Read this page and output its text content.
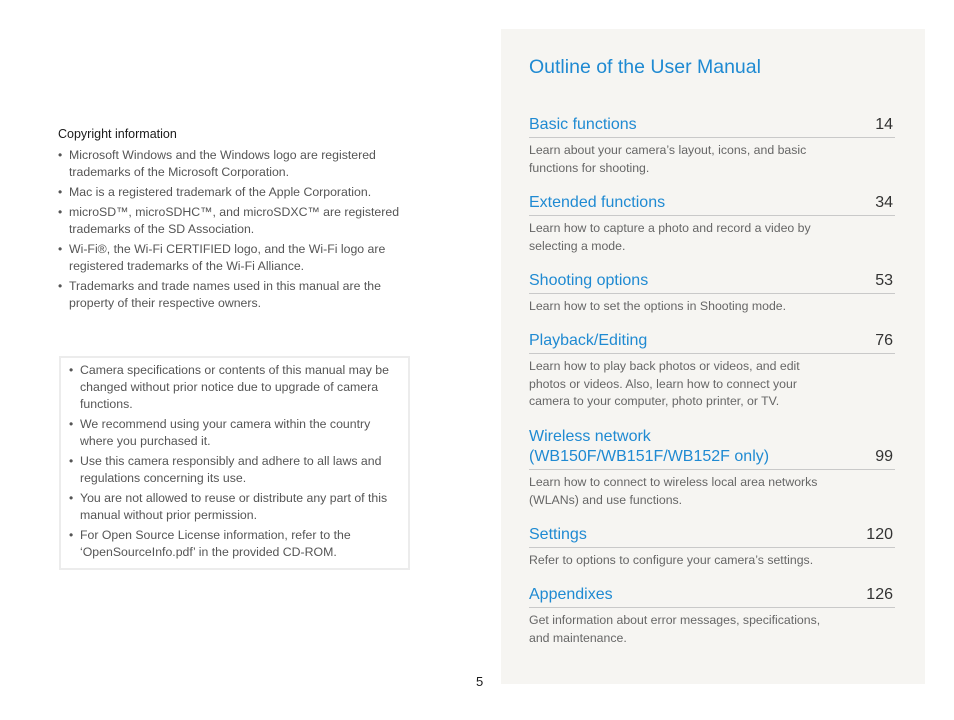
Copyright information
• Microsoft Windows and the Windows logo are registered trademarks of the Microsoft Corporation.
• Mac is a registered trademark of the Apple Corporation.
• microSD™, microSDHC™, and microSDXC™ are registered trademarks of the SD Association.
• Wi-Fi®, the Wi-Fi CERTIFIED logo, and the Wi-Fi logo are registered trademarks of the Wi-Fi Alliance.
• Trademarks and trade names used in this manual are the property of their respective owners.
• Camera specifications or contents of this manual may be changed without prior notice due to upgrade of camera functions.
• We recommend using your camera within the country where you purchased it.
• Use this camera responsibly and adhere to all laws and regulations concerning its use.
• You are not allowed to reuse or distribute any part of this manual without prior permission.
• For Open Source License information, refer to the ‘OpenSourceInfo.pdf’ in the provided CD-ROM.
Outline of the User Manual
Basic functions	14
Learn about your camera’s layout, icons, and basic functions for shooting.
Extended functions	34
Learn how to capture a photo and record a video by selecting a mode.
Shooting options	53
Learn how to set the options in Shooting mode.
Playback/Editing	76
Learn how to play back photos or videos, and edit photos or videos. Also, learn how to connect your camera to your computer, photo printer, or TV.
Wireless network
(WB150F/WB151F/WB152F only)	99
Learn how to connect to wireless local area networks (WLANs) and use functions.
Settings	120
Refer to options to configure your camera’s settings.
Appendixes	126
Get information about error messages, specifications, and maintenance.
5
